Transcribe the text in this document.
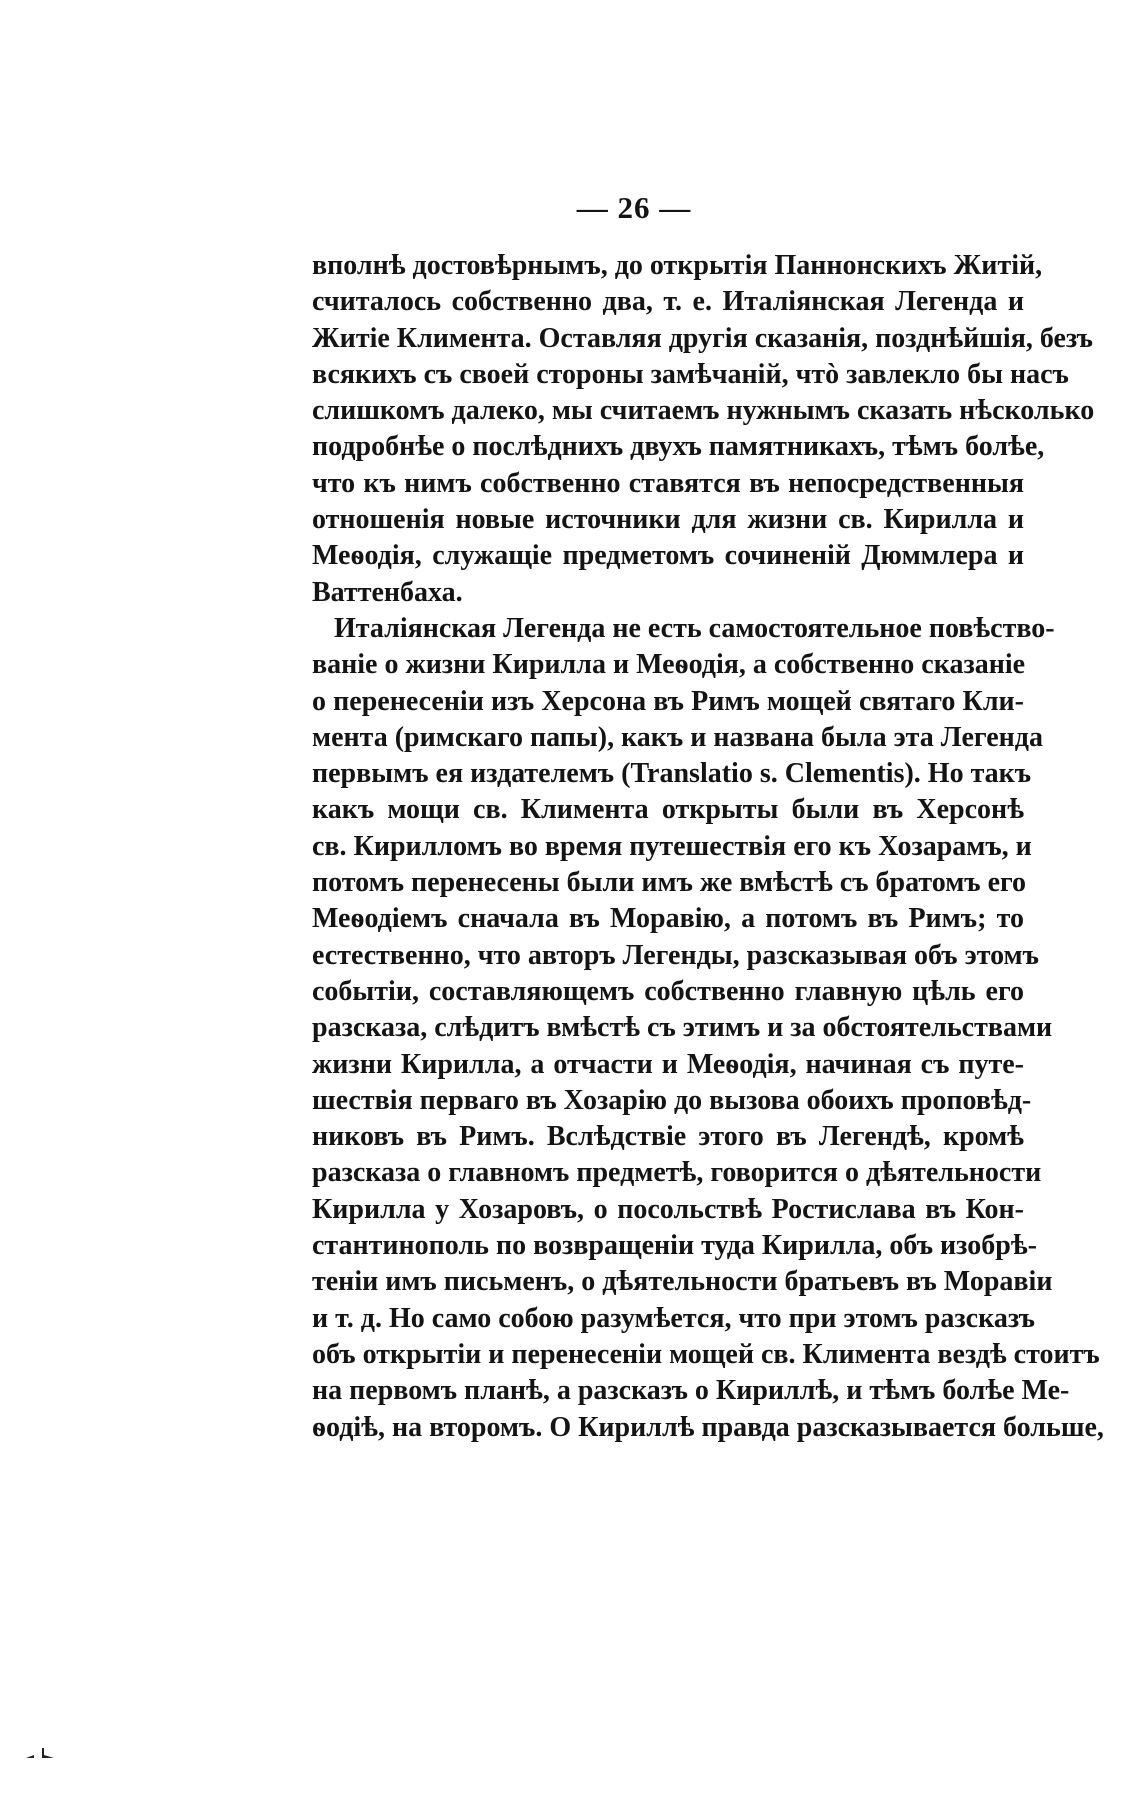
— 26 —
вполнѣ достовѣрнымъ, до открытія Паннонскихъ Житій,
считалось собственно два, т. е. Италіянская Легенда и
Житіе Климента. Оставляя другія сказанія, позднѣйшія, безъ
всякихъ съ своей стороны замѣчаній, чтò завлекло бы насъ
слишкомъ далеко, мы считаемъ нужнымъ сказать нѣсколько
подробнѣе о послѣднихъ двухъ памятникахъ, тѣмъ болѣе,
что къ нимъ собственно ставятся въ непосредственныя
отношенія новые источники для жизни св. Кирилла и
Меѳодія, служащіе предметомъ сочиненій Дюммлера и
Ваттенбаха.
Италіянская Легенда не есть самостоятельное повѣство-
ваніе о жизни Кирилла и Меѳодія, а собственно сказаніе
о перенесеніи изъ Херсона въ Римъ мощей святаго Кли-
мента (римскаго папы), какъ и названа была эта Легенда
первымъ ея издателемъ (Translatio s. Clementis). Но такъ
какъ мощи св. Климента открыты были въ Херсонѣ
св. Кирилломъ во время путешествія его къ Хозарамъ, и
потомъ перенесены были имъ же вмѣстѣ съ братомъ его
Меѳодіемъ сначала въ Моравію, а потомъ въ Римъ; то
естественно, что авторъ Легенды, разсказывая объ этомъ
событіи, составляющемъ собственно главную цѣль его
разсказа, слѣдитъ вмѣстѣ съ этимъ и за обстоятельствами
жизни Кирилла, а отчасти и Меѳодія, начиная съ путе-
шествія перваго въ Хозарію до вызова обоихъ проповѣд-
никовъ въ Римъ. Вслѣдствіе этого въ Легендѣ, кромѣ
разсказа о главномъ предметѣ, говорится о дѣятельности
Кирилла у Хозаровъ, о посольствѣ Ростислава въ Кон-
стантинополь по возвращеніи туда Кирилла, объ изобрѣ-
теніи имъ письменъ, о дѣятельности братьевъ въ Моравіи
и т. д. Но само собою разумѣется, что при этомъ разсказъ
объ открытіи и перенесеніи мощей св. Климента вездѣ стоитъ
на первомъ планѣ, а разсказъ о Кириллѣ, и тѣмъ болѣе Ме-
ѳодіѣ, на второмъ. О Кириллѣ правда разсказывается больше,
